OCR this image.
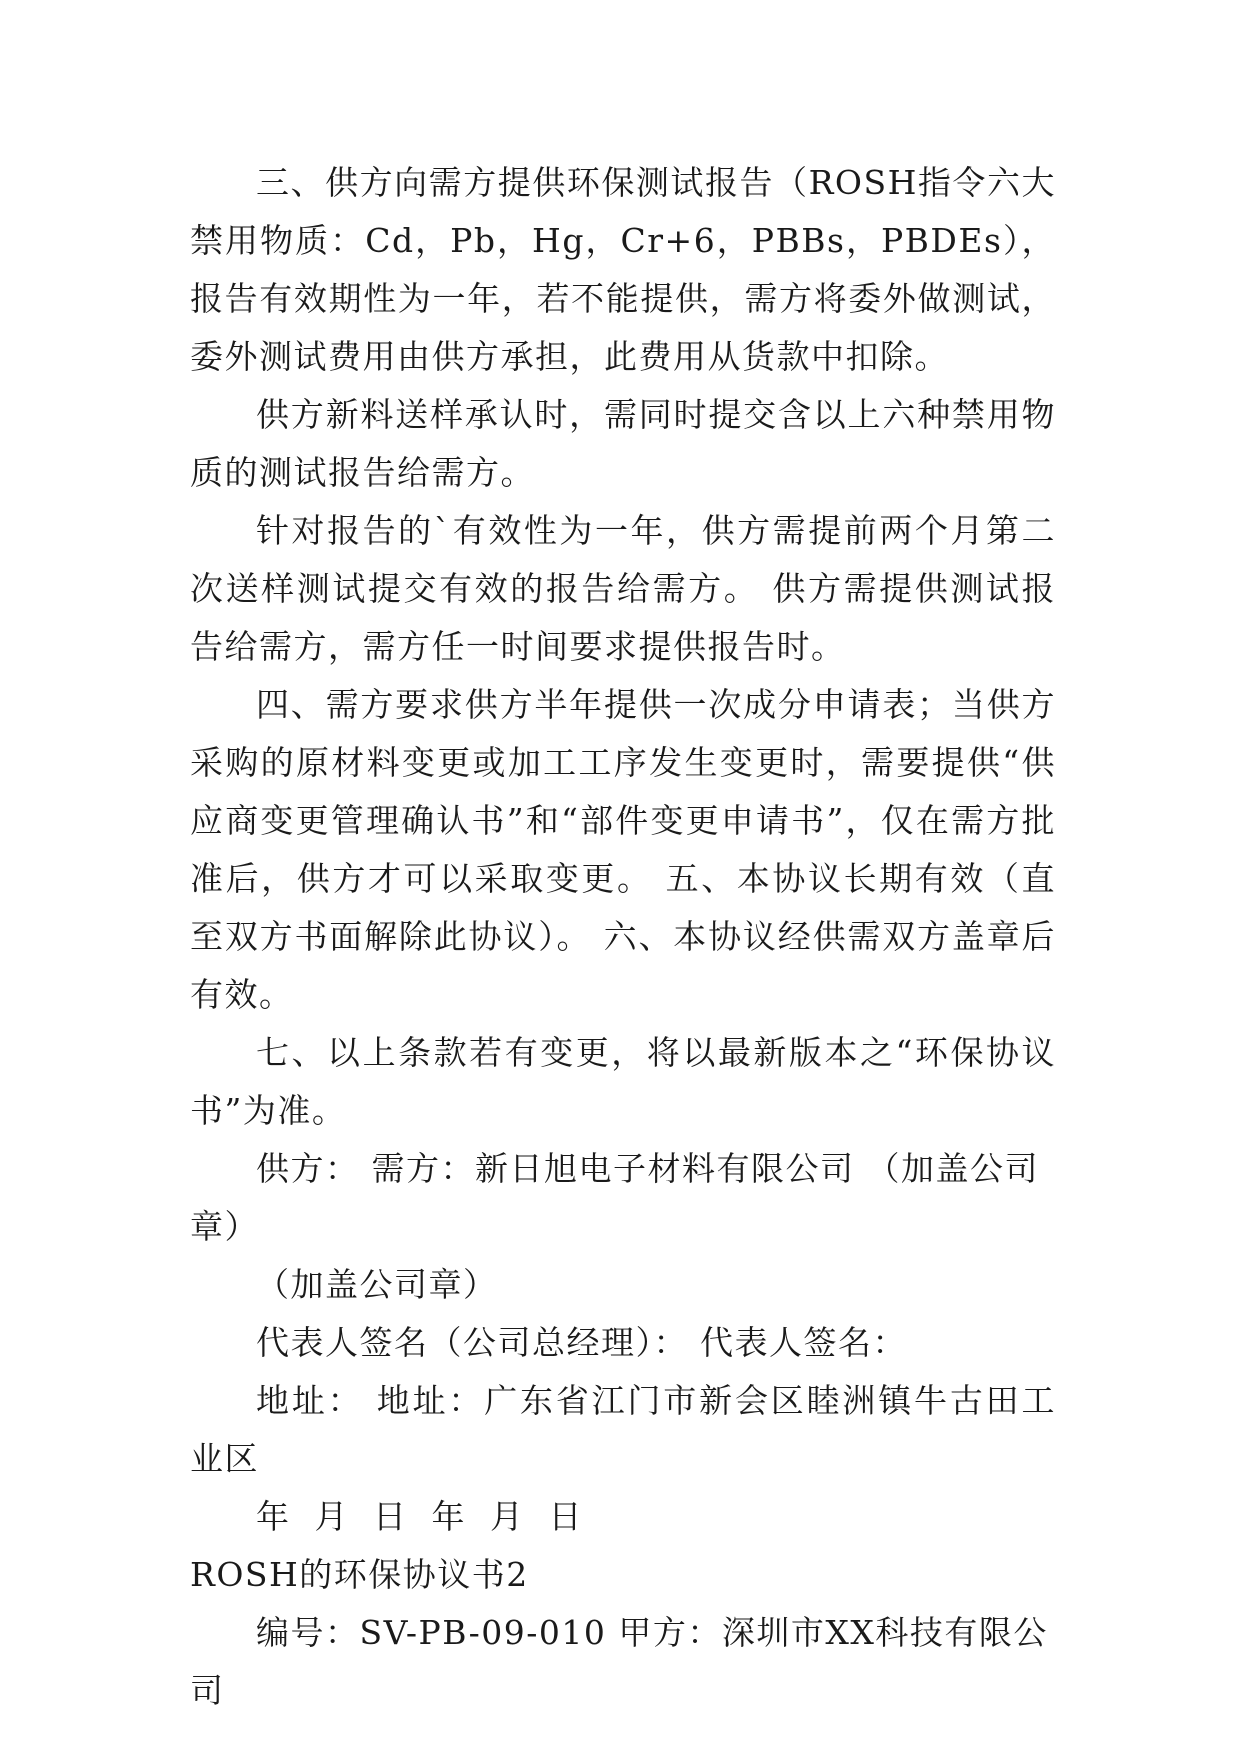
三、供方向需方提供环保测试报告（ROSH指令六大禁用物质：Cd，Pb，Hg，Cr+6，PBBs，PBDEs），报告有效期性为一年，若不能提供，需方将委外做测试，委外测试费用由供方承担，此费用从货款中扣除。

供方新料送样承认时，需同时提交含以上六种禁用物质的测试报告给需方。

针对报告的`有效性为一年，供方需提前两个月第二次送样测试提交有效的报告给需方。 供方需提供测试报告给需方，需方任一时间要求提供报告时。

四、需方要求供方半年提供一次成分申请表；当供方采购的原材料变更或加工工序发生变更时，需要提供“供应商变更管理确认书”和“部件变更申请书”，仅在需方批准后，供方才可以采取变更。 五、本协议长期有效（直至双方书面解除此协议）。 六、本协议经供需双方盖章后有效。

七、以上条款若有变更，将以最新版本之“环保协议书”为准。

供方： 需方：新日旭电子材料有限公司 （加盖公司章）

（加盖公司章）

代表人签名（公司总经理）： 代表人签名：

地址： 地址：广东省江门市新会区睦洲镇牛古田工业区

年 月 日 年 月 日

ROSH的环保协议书2

编号：SV-PB-09-010 甲方：深圳市XX科技有限公司
